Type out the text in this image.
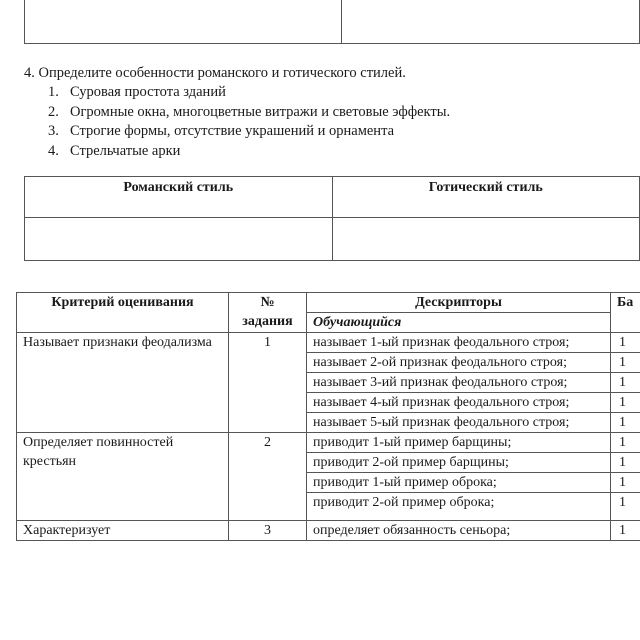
4. Определите особенности романского и готического стилей.
1. Суровая простота зданий
2. Огромные окна, многоцветные витражи и световые эффекты.
3. Строгие формы, отсутствие украшений и орнамента
4. Стрельчатые арки
Романский стиль	Готический стиль

Критерий оценивания	№ задания	Дескрипторы	Ба
		Обучающийся	
Называет признаки феодализма	1	называет 1-ый признак феодального строя;	1
		называет 2-ой признак феодального строя;	1
		называет 3-ий признак феодального строя;	1
		называет 4-ый признак феодального строя;	1
		называет 5-ый признак феодального строя;	1
Определяет повинностей крестьян	2	приводит 1-ый пример барщины;	1
		приводит 2-ой пример барщины;	1
		приводит 1-ый пример оброка;	1
		приводит 2-ой пример оброка;	1
Характеризует	3	определяет обязанность сеньора;	1
